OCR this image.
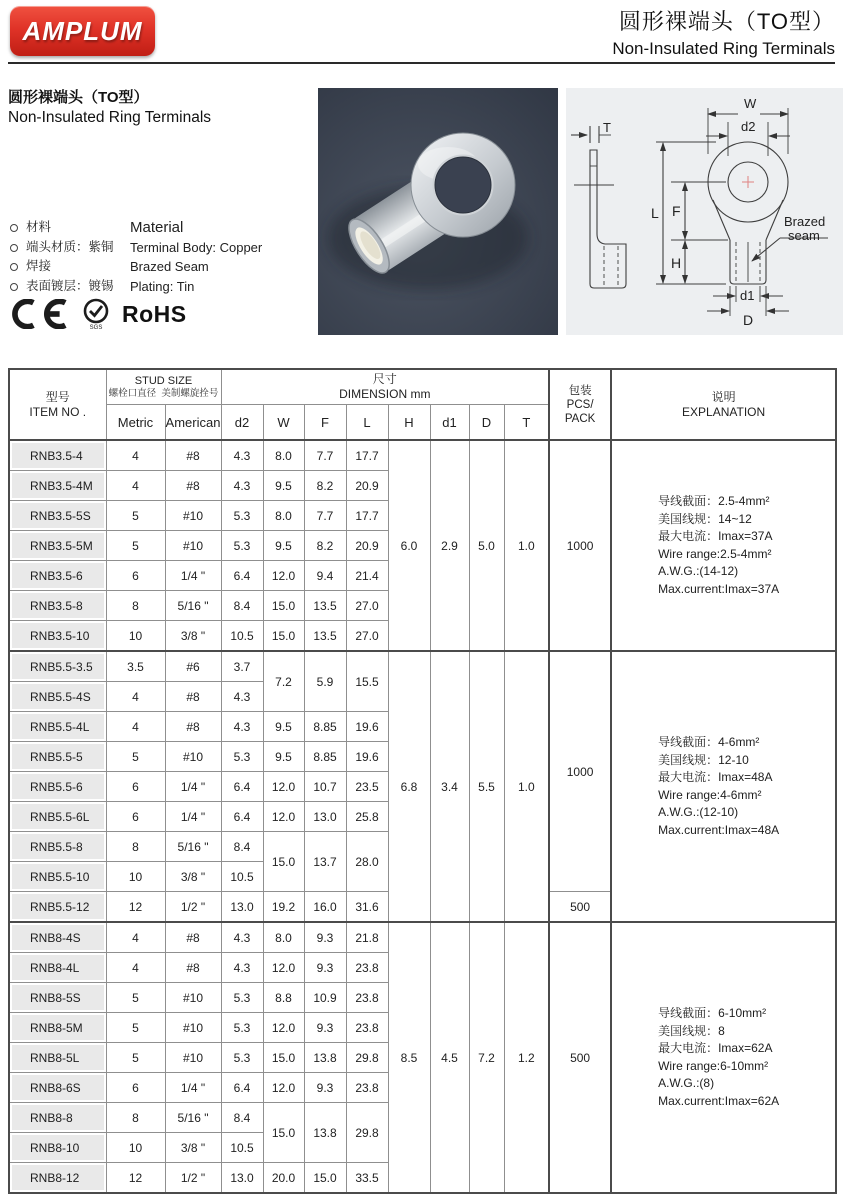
AMPLUM	圆形裸端头（TO型）
Non-Insulated Ring Terminals
圆形裸端头（TO型）
Non-Insulated Ring Terminals
材料	Material
端头材质：紫铜	Terminal Body: Copper
焊接	Brazed Seam
表面镀层：镀锡	Plating: Tin
SGS
RoHS
T
W
d2
L F
H
d1
D
Brazed
seam
型号
ITEM NO .

STUD SIZE
螺栓口直径 美制螺旋拴号

尺寸
DIMENSION mm	包装
PCS/
PACK

说明
EXPLANATION

	Metric	American	d2	W	F	L	H	d1	D	T		
RNB3.5-4	4	#8	4.3	8.0	7.7	17.7	6.0	2.9	5.0	1.0	1000	
导线截面：2.5-4mm²
美国线规：14~12
最大电流：Imax=37A
Wire range:2.5-4mm²
A.W.G.:(14-12)
Max.current:Imax=37A

RNB3.5-4M	4	#8	4.3	9.5	8.2	20.9						
RNB3.5-5S	5	#10	5.3	8.0	7.7	17.7						
RNB3.5-5M	5	#10	5.3	9.5	8.2	20.9						
RNB3.5-6	6	1/4 "	6.4	12.0	9.4	21.4						
RNB3.5-8	8	5/16 "	8.4	15.0	13.5	27.0						
RNB3.5-10	10	3/8 "	10.5	15.0	13.5	27.0						
RNB5.5-3.5	3.5	#6	3.7	7.2	5.9	15.5	6.8	3.4	5.5	1.0	1000	
导线截面：4-6mm²
美国线规：12-10
最大电流：Imax=48A
Wire range:4-6mm²
A.W.G.:(12-10)
Max.current:Imax=48A

RNB5.5-4S	4	#8	4.3									
RNB5.5-4L	4	#8	4.3	9.5	8.85	19.6						
RNB5.5-5	5	#10	5.3	9.5	8.85	19.6						
RNB5.5-6	6	1/4 "	6.4	12.0	10.7	23.5						
RNB5.5-6L	6	1/4 "	6.4	12.0	13.0	25.8						
RNB5.5-8	8	5/16 "	8.4	15.0	13.7	28.0						
RNB5.5-10	10	3/8 "	10.5									
RNB5.5-12	12	1/2 "	13.0	19.2	16.0	31.6					500	
RNB8-4S	4	#8	4.3	8.0	9.3	21.8	8.5	4.5	7.2	1.2	500	
导线截面：6-10mm²
美国线规：8
最大电流：Imax=62A
Wire range:6-10mm²
A.W.G.:(8)
Max.current:Imax=62A

RNB8-4L	4	#8	4.3	12.0	9.3	23.8						
RNB8-5S	5	#10	5.3	8.8	10.9	23.8						
RNB8-5M	5	#10	5.3	12.0	9.3	23.8						
RNB8-5L	5	#10	5.3	15.0	13.8	29.8						
RNB8-6S	6	1/4 "	6.4	12.0	9.3	23.8						
RNB8-8	8	5/16 "	8.4	15.0	13.8	29.8						
RNB8-10	10	3/8 "	10.5									
RNB8-12	12	1/2 "	13.0	20.0	15.0	33.5						
